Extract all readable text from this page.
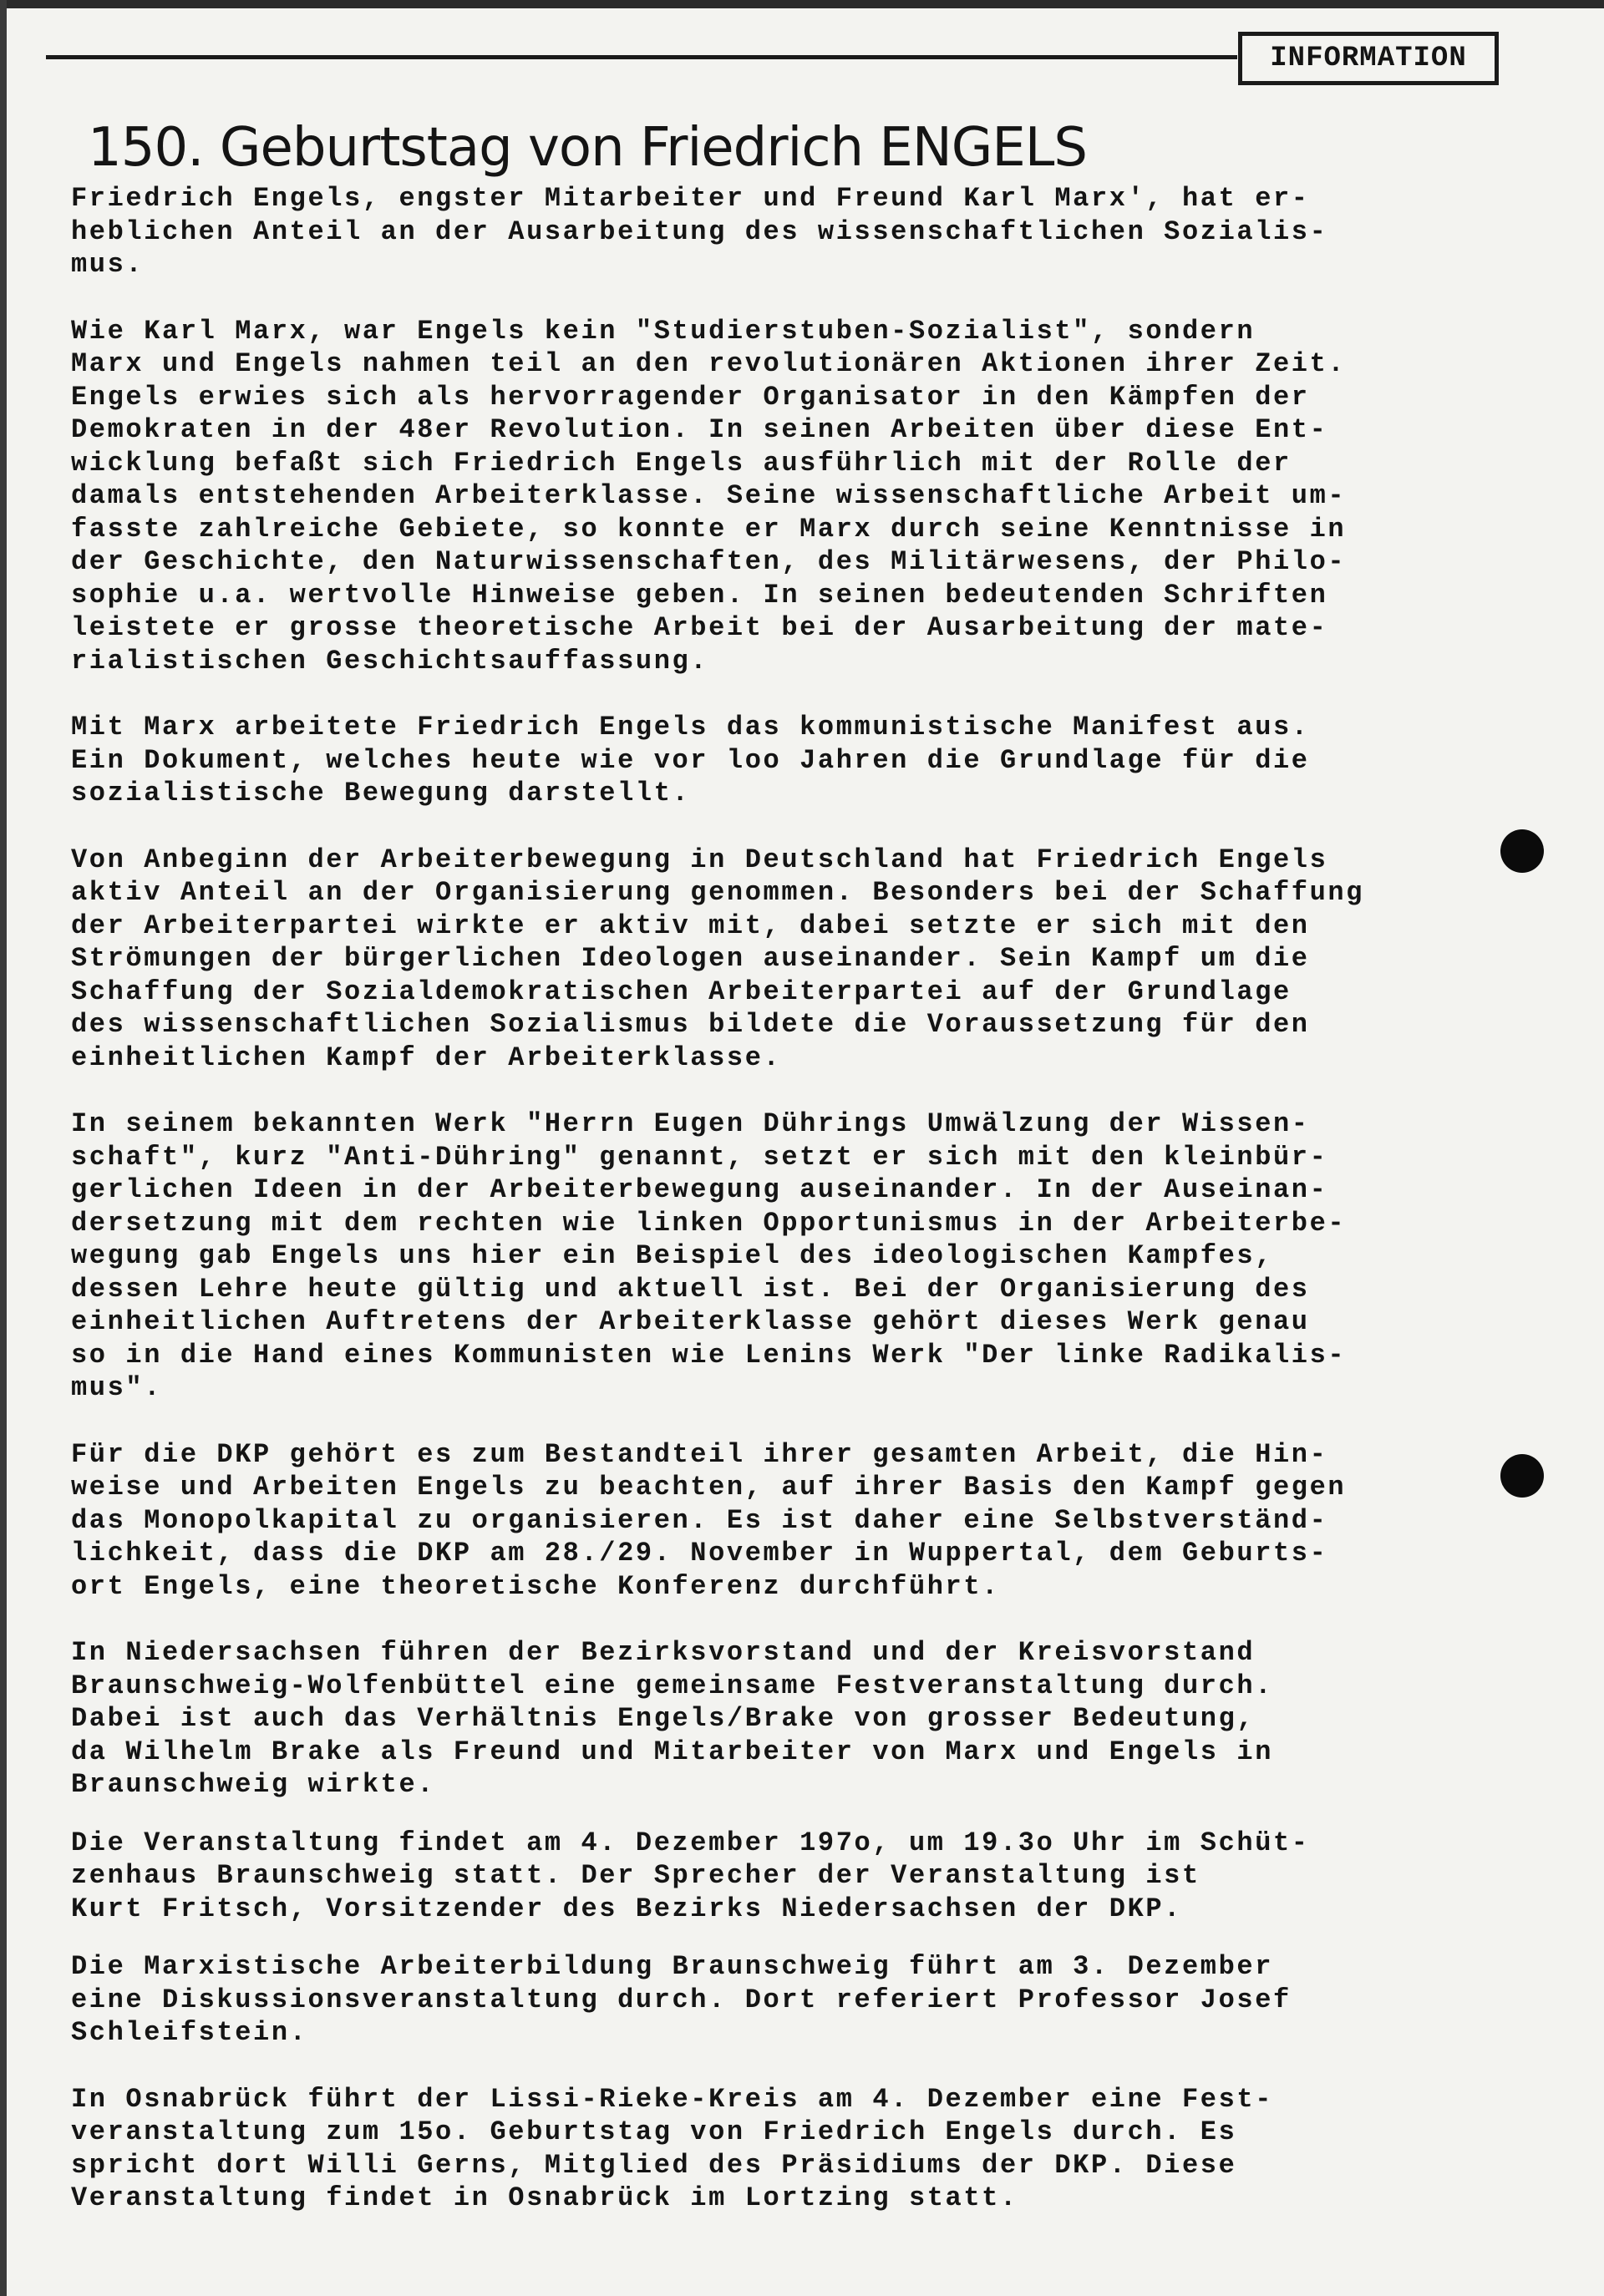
INFORMATION
150. Geburtstag von Friedrich ENGELS
Friedrich Engels, engster Mitarbeiter und Freund Karl Marx', hat er-
heblichen Anteil an der Ausarbeitung des wissenschaftlichen Sozialis-
mus.
Wie Karl Marx, war Engels kein "Studierstuben-Sozialist", sondern
Marx und Engels nahmen teil an den revolutionären Aktionen ihrer Zeit.
Engels erwies sich als hervorragender Organisator in den Kämpfen der
Demokraten in der 48er Revolution. In seinen Arbeiten über diese Ent-
wicklung befaßt sich Friedrich Engels ausführlich mit der Rolle der
damals entstehenden Arbeiterklasse. Seine wissenschaftliche Arbeit um-
fasste zahlreiche Gebiete, so konnte er Marx durch seine Kenntnisse in
der Geschichte, den Naturwissenschaften, des Militärwesens, der Philo-
sophie u.a. wertvolle Hinweise geben. In seinen bedeutenden Schriften
leistete er grosse theoretische Arbeit bei der Ausarbeitung der mate-
rialistischen Geschichtsauffassung.
Mit Marx arbeitete Friedrich Engels das kommunistische Manifest aus.
Ein Dokument, welches heute wie vor loo Jahren die Grundlage für die
sozialistische Bewegung darstellt.
Von Anbeginn der Arbeiterbewegung in Deutschland hat Friedrich Engels
aktiv Anteil an der Organisierung genommen. Besonders bei der Schaffung
der Arbeiterpartei wirkte er aktiv mit, dabei setzte er sich mit den
Strömungen der bürgerlichen Ideologen auseinander. Sein Kampf um die
Schaffung der Sozialdemokratischen Arbeiterpartei auf der Grundlage
des wissenschaftlichen Sozialismus bildete die Voraussetzung für den
einheitlichen Kampf der Arbeiterklasse.
In seinem bekannten Werk "Herrn Eugen Dührings Umwälzung der Wissen-
schaft", kurz "Anti-Dühring" genannt, setzt er sich mit den kleinbür-
gerlichen Ideen in der Arbeiterbewegung auseinander. In der Auseinan-
dersetzung mit dem rechten wie linken Opportunismus in der Arbeiterbe-
wegung gab Engels uns hier ein Beispiel des ideologischen Kampfes,
dessen Lehre heute gültig und aktuell ist. Bei der Organisierung des
einheitlichen Auftretens der Arbeiterklasse gehört dieses Werk genau
so in die Hand eines Kommunisten wie Lenins Werk "Der linke Radikalis-
mus".
Für die DKP gehört es zum Bestandteil ihrer gesamten Arbeit, die Hin-
weise und Arbeiten Engels zu beachten, auf ihrer Basis den Kampf gegen
das Monopolkapital zu organisieren. Es ist daher eine Selbstverständ-
lichkeit, dass die DKP am 28./29. November in Wuppertal, dem Geburts-
ort Engels, eine theoretische Konferenz durchführt.
In Niedersachsen führen der Bezirksvorstand und der Kreisvorstand
Braunschweig-Wolfenbüttel eine gemeinsame Festveranstaltung durch.
Dabei ist auch das Verhältnis Engels/Brake von grosser Bedeutung,
da Wilhelm Brake als Freund und Mitarbeiter von Marx und Engels in
Braunschweig wirkte.
Die Veranstaltung findet am 4. Dezember 197o, um 19.3o Uhr im Schüt-
zenhaus Braunschweig statt. Der Sprecher der Veranstaltung ist
Kurt Fritsch, Vorsitzender des Bezirks Niedersachsen der DKP.
Die Marxistische Arbeiterbildung Braunschweig führt am 3. Dezember
eine Diskussionsveranstaltung durch. Dort referiert Professor Josef
Schleifstein.
In Osnabrück führt der Lissi-Rieke-Kreis am 4. Dezember eine Fest-
veranstaltung zum 15o. Geburtstag von Friedrich Engels durch. Es
spricht dort Willi Gerns, Mitglied des Präsidiums der DKP. Diese
Veranstaltung findet in Osnabrück im Lortzing statt.
